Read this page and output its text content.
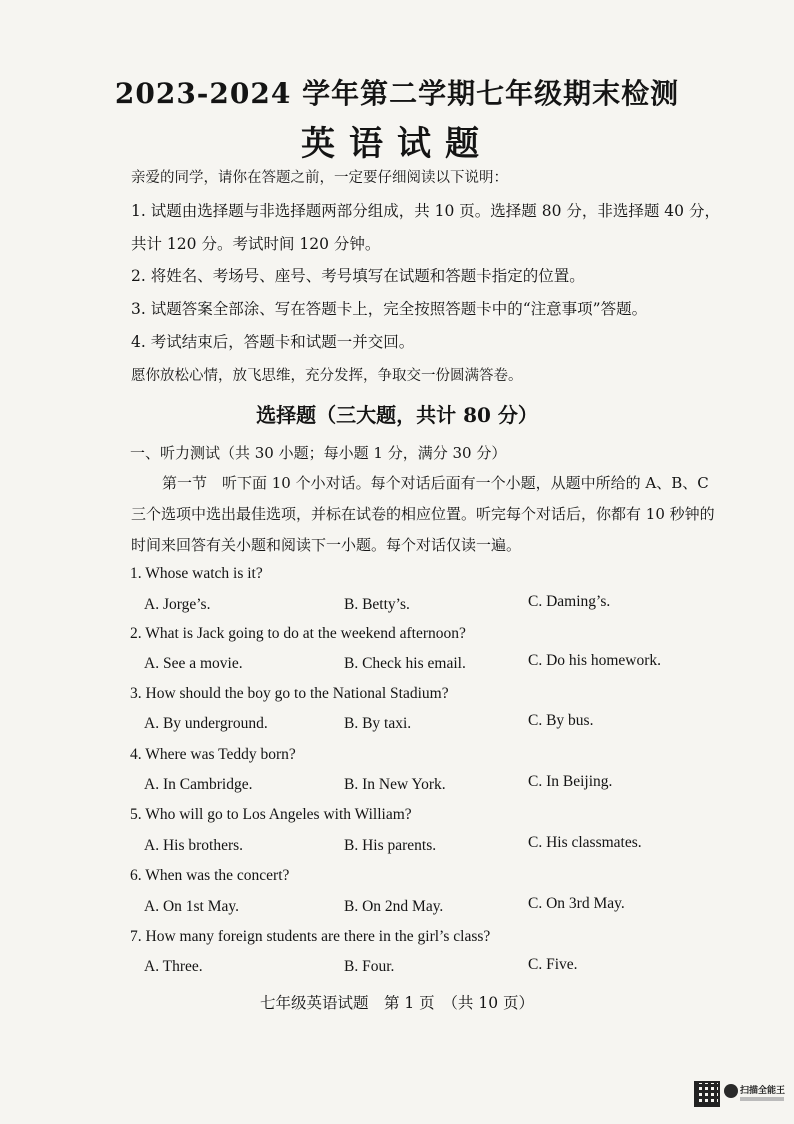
2023-2024 学年第二学期七年级期末检测
英语试题
亲爱的同学，请你在答题之前，一定要仔细阅读以下说明：
1. 试题由选择题与非选择题两部分组成，共 10 页。选择题 80 分，非选择题 40 分，
共计 120 分。考试时间 120 分钟。
2. 将姓名、考场号、座号、考号填写在试题和答题卡指定的位置。
3. 试题答案全部涂、写在答题卡上，完全按照答题卡中的“注意事项”答题。
4. 考试结束后，答题卡和试题一并交回。
愿你放松心情，放飞思维，充分发挥，争取交一份圆满答卷。
选择题（三大题，共计 80 分）
一、听力测试（共 30 小题；每小题 1 分，满分 30 分）
第一节　听下面 10 个小对话。每个对话后面有一个小题，从题中所给的 A、B、C
三个选项中选出最佳选项，并标在试卷的相应位置。听完每个对话后，你都有 10 秒钟的
时间来回答有关小题和阅读下一小题。每个对话仅读一遍。
1. Whose watch is it?
A. Jorge’s.	B. Betty’s.	C. Daming’s.
2. What is Jack going to do at the weekend afternoon?
A. See a movie.	B. Check his email.	C. Do his homework.
3. How should the boy go to the National Stadium?
A. By underground.	B. By taxi.	C. By bus.
4. Where was Teddy born?
A. In Cambridge.	B. In New York.	C. In Beijing.
5. Who will go to Los Angeles with William?
A. His brothers.	B. His parents.	C. His classmates.
6. When was the concert?
A. On 1st May.	B. On 2nd May.	C. On 3rd May.
7. How many foreign students are there in the girl’s class?
A. Three.	B. Four.	C. Five.
七年级英语试题　第 1 页　（共 10 页）
扫描全能王
